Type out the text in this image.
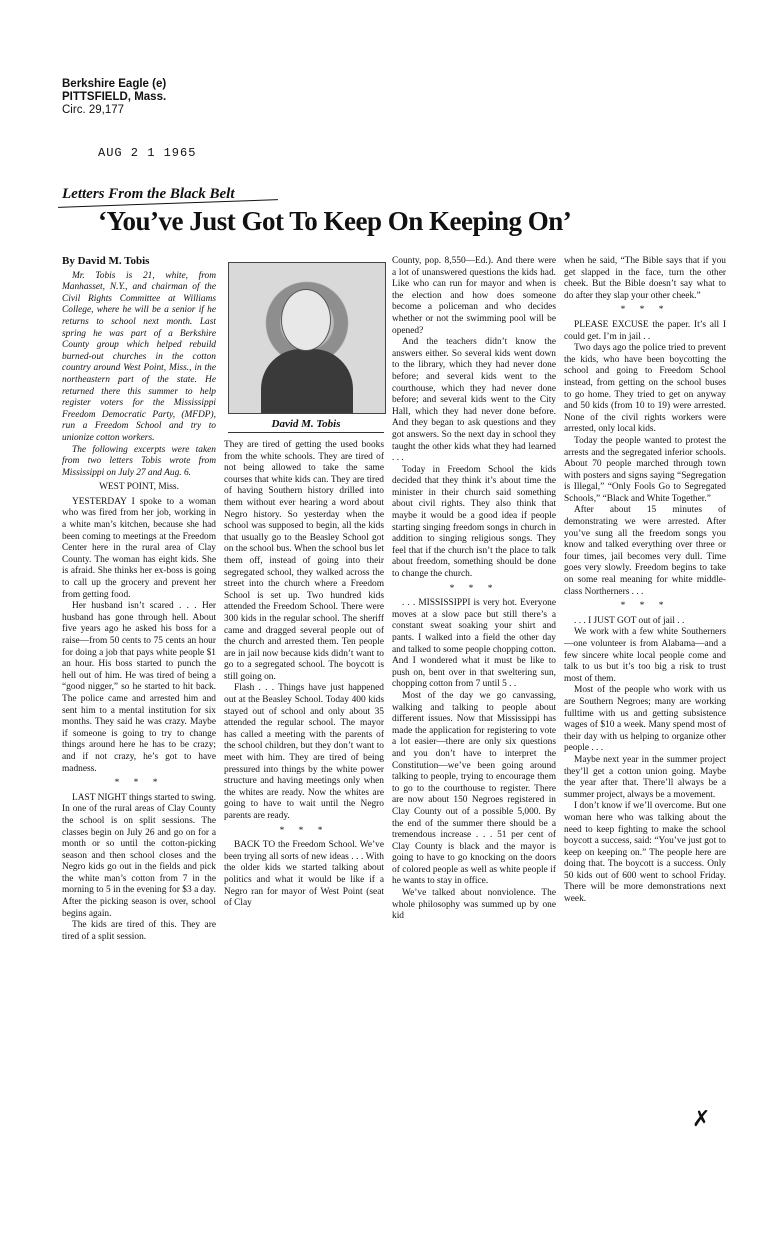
Berkshire Eagle (e)
PITTSFIELD, Mass.
Circ. 29,177
AUG 2 1 1965
Letters From the Black Belt
‘You’ve Just Got To Keep On Keeping On’

By David M. Tobis

Mr. Tobis is 21, white, from Manhasset, N.Y., and chairman of the Civil Rights Committee at Williams College, where he will be a senior if he returns to school next month. Last spring he was part of a Berkshire County group which helped rebuild burned-out churches in the cotton country around West Point, Miss., in the northeastern part of the state. He returned there this summer to help register voters for the Mississippi Freedom Democratic Party, (MFDP), run a Freedom School and try to unionize cotton workers.

The following excerpts were taken from two letters Tobis wrote from Mississippi on July 27 and Aug. 6.

WEST POINT, Miss.

YESTERDAY I spoke to a woman who was fired from her job, working in a white man’s kitchen, because she had been coming to meetings at the Freedom Center here in the rural area of Clay County. The woman has eight kids. She is afraid. She thinks her ex-boss is going to call up the grocery and prevent her from getting food.

Her husband isn’t scared . . . Her husband has gone through hell. About five years ago he asked his boss for a raise—from 50 cents to 75 cents an hour for doing a job that pays white people $1 an hour. His boss started to punch the hell out of him. He was tired of being a “good nigger,” so he started to hit back. The police came and arrested him and sent him to a mental institution for six months. They said he was crazy. Maybe if someone is going to try to change things around here he has to be crazy; and if not crazy, he’s got to have madness.

* * *

LAST NIGHT things started to swing. In one of the rural areas of Clay County the school is on split sessions. The classes begin on July 26 and go on for a month or so until the cotton-picking season and then school closes and the Negro kids go out in the fields and pick the white man’s cotton from 7 in the morning to 5 in the evening for $3 a day. After the picking season is over, school begins again.

The kids are tired of this. They are tired of a split session.

David M. Tobis

They are tired of getting the used books from the white schools. They are tired of not being allowed to take the same courses that white kids can. They are tired of having Southern history drilled into them without ever hearing a word about Negro history. So yesterday when the school was supposed to begin, all the kids that usually go to the Beasley School got on the school bus. When the school bus let them off, instead of going into their segregated school, they walked across the street into the church where a Freedom School is set up. Two hundred kids attended the Freedom School. There were 300 kids in the regular school. The sheriff came and dragged several people out of the church and arrested them. Ten people are in jail now because kids didn’t want to go to a segregated school. The boycott is still going on.

Flash . . . Things have just happened out at the Beasley School. Today 400 kids stayed out of school and only about 35 attended the regular school. The mayor has called a meeting with the parents of the school children, but they don’t want to meet with him. They are tired of being pressured into things by the white power structure and having meetings only when the whites are ready. Now the whites are going to have to wait until the Negro parents are ready.

* * *

BACK TO the Freedom School. We’ve been trying all sorts of new ideas . . . With the older kids we started talking about politics and what it would be like if a Negro ran for mayor of West Point (seat of Clay

County, pop. 8,550—Ed.). And there were a lot of unanswered questions the kids had. Like who can run for mayor and when is the election and how does someone become a policeman and who decides whether or not the swimming pool will be opened?

And the teachers didn’t know the answers either. So several kids went down to the library, which they had never done before; and several kids went to the courthouse, which they had never done before; and several kids went to the City Hall, which they had never done before. And they began to ask questions and they got answers. So the next day in school they taught the other kids what they had learned . . .

Today in Freedom School the kids decided that they think it’s about time the minister in their church said something about civil rights. They also think that maybe it would be a good idea if people starting singing freedom songs in church in addition to singing religious songs. They feel that if the church isn’t the place to talk about freedom, something should be done to change the church.

* * *

. . . MISSISSIPPI is very hot. Everyone moves at a slow pace but still there’s a constant sweat soaking your shirt and pants. I walked into a field the other day and talked to some people chopping cotton. And I wondered what it must be like to push on, bent over in that sweltering sun, chopping cotton from 7 until 5 . .

Most of the day we go canvassing, walking and talking to people about different issues. Now that Mississippi has made the application for registering to vote a lot easier—there are only six questions and you don’t have to interpret the Constitution—we’ve been going around talking to people, trying to encourage them to go to the courthouse to register. There are now about 150 Negroes registered in Clay County out of a possible 5,000. By the end of the summer there should be a tremendous increase . . . 51 per cent of Clay County is black and the mayor is going to have to go knocking on the doors of colored people as well as white people if he wants to stay in office.

We’ve talked about nonviolence. The whole philosophy was summed up by one kid

when he said, “The Bible says that if you get slapped in the face, turn the other cheek. But the Bible doesn’t say what to do after they slap your other cheek.”

* * *

PLEASE EXCUSE the paper. It’s all I could get. I’m in jail . .

Two days ago the police tried to prevent the kids, who have been boycotting the school and going to Freedom School instead, from getting on the school buses to go home. They tried to get on anyway and 50 kids (from 10 to 19) were arrested. None of the civil rights workers were arrested, only local kids.

Today the people wanted to protest the arrests and the segregated inferior schools. About 70 people marched through town with posters and signs saying “Segregation is Illegal,” “Only Fools Go to Segregated Schools,” “Black and White Together.”

After about 15 minutes of demonstrating we were arrested. After you’ve sung all the freedom songs you know and talked everything over three or four times, jail becomes very dull. Time goes very slowly. Freedom begins to take on some real meaning for white middle-class Northerners . . .

* * *

. . . I JUST GOT out of jail . .

We work with a few white Southerners—one volunteer is from Alabama—and a few sincere white local people come and talk to us but it’s too big a risk to trust most of them.

Most of the people who work with us are Southern Negroes; many are working fulltime with us and getting subsistence wages of $10 a week. Many spend most of their day with us helping to organize other people . . .

Maybe next year in the summer project they’ll get a cotton union going. Maybe the year after that. There’ll always be a summer project, always be a movement.

I don’t know if we’ll overcome. But one woman here who was talking about the need to keep fighting to make the school boycott a success, said: “You’ve just got to keep on keeping on.” The people here are doing that. The boycott is a success. Only 50 kids out of 600 went to school Friday. There will be more demonstrations next week.

✗
